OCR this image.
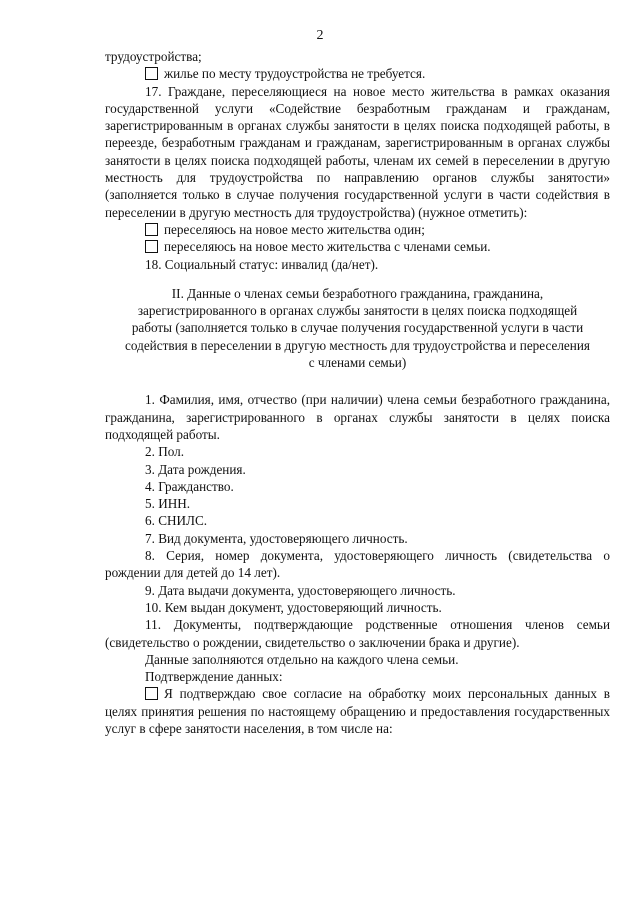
2

трудоустройства;

жилье по месту трудоустройства не требуется.

17. Граждане, переселяющиеся на новое место жительства в рамках оказания государственной услуги «Содействие безработным гражданам и гражданам, зарегистрированным в органах службы занятости в целях поиска подходящей работы, в переезде, безработным гражданам и гражданам, зарегистрированным в органах службы занятости в целях поиска подходящей работы, членам их семей в переселении в другую местность для трудоустройства по направлению органов службы занятости» (заполняется только в случае получения государственной услуги в части содействия в переселении в другую местность для трудоустройства) (нужное отметить):

переселяюсь на новое место жительства один;

переселяюсь на новое место жительства с членами семьи.

18. Социальный статус: инвалид (да/нет).

II. Данные о членах семьи безработного гражданина, гражданина, зарегистрированного в органах службы занятости в целях поиска подходящей работы (заполняется только в случае получения государственной услуги в части содействия в переселении в другую местность для трудоустройства и переселения с членами семьи)

1. Фамилия, имя, отчество (при наличии) члена семьи безработного гражданина, гражданина, зарегистрированного в органах службы занятости в целях поиска подходящей работы.

2. Пол.

3. Дата рождения.

4. Гражданство.

5. ИНН.

6. СНИЛС.

7. Вид документа, удостоверяющего личность.

8. Серия, номер документа, удостоверяющего личность (свидетельства о рождении для детей до 14 лет).

9. Дата выдачи документа, удостоверяющего личность.

10. Кем выдан документ, удостоверяющий личность.

11. Документы, подтверждающие родственные отношения членов семьи (свидетельство о рождении, свидетельство о заключении брака и другие).

Данные заполняются отдельно на каждого члена семьи.

Подтверждение данных:

Я подтверждаю свое согласие на обработку моих персональных данных в целях принятия решения по настоящему обращению и предоставления государственных услуг в сфере занятости населения, в том числе на:
